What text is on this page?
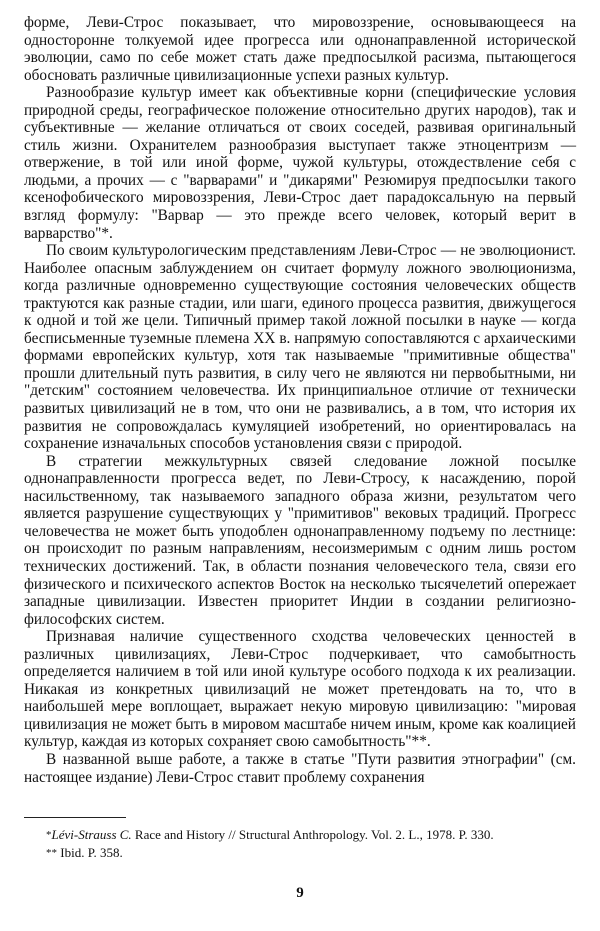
форме, Леви-Строс показывает, что мировоззрение, основывающееся на односторонне толкуемой идее прогресса или однонаправленной исторической эволюции, само по себе может стать даже предпосылкой расизма, пытающегося обосновать различные цивилизационные успехи разных культур.

Разнообразие культур имеет как объективные корни (специфические условия природной среды, географическое положение относительно других народов), так и субъективные — желание отличаться от своих соседей, развивая оригинальный стиль жизни. Охранителем разнообразия выступает также этноцентризм — отвержение, в той или иной форме, чужой культуры, отождествление себя с людьми, а прочих — с "варварами" и "дикарями" Резюмируя предпосылки такого ксенофобического мировоззрения, Леви-Строс дает парадоксальную на первый взгляд формулу: "Варвар — это прежде всего человек, который верит в варварство"*.

По своим культурологическим представлениям Леви-Строс — не эволюционист. Наиболее опасным заблуждением он считает формулу ложного эволюционизма, когда различные одновременно существующие состояния человеческих обществ трактуются как разные стадии, или шаги, единого процесса развития, движущегося к одной и той же цели. Типичный пример такой ложной посылки в науке — когда бесписьменные туземные племена XX в. напрямую сопоставляются с архаическими формами европейских культур, хотя так называемые "примитивные общества" прошли длительный путь развития, в силу чего не являются ни первобытными, ни "детским" состоянием человечества. Их принципиальное отличие от технически развитых цивилизаций не в том, что они не развивались, а в том, что история их развития не сопровождалась кумуляцией изобретений, но ориентировалась на сохранение изначальных способов установления связи с природой.

В стратегии межкультурных связей следование ложной посылке однонаправленности прогресса ведет, по Леви-Стросу, к насаждению, порой насильственному, так называемого западного образа жизни, результатом чего является разрушение существующих у "примитивов" вековых традиций. Прогресс человечества не может быть уподоблен однонаправленному подъему по лестнице: он происходит по разным направлениям, несоизмеримым с одним лишь ростом технических достижений. Так, в области познания человеческого тела, связи его физического и психического аспектов Восток на несколько тысячелетий опережает западные цивилизации. Известен приоритет Индии в создании религиозно-философских систем.

Признавая наличие существенного сходства человеческих ценностей в различных цивилизациях, Леви-Строс подчеркивает, что самобытность определяется наличием в той или иной культуре особого подхода к их реализации. Никакая из конкретных цивилизаций не может претендовать на то, что в наибольшей мере воплощает, выражает некую мировую цивилизацию: "мировая цивилизация не может быть в мировом масштабе ничем иным, кроме как коалицией культур, каждая из которых сохраняет свою самобытность"**.

В названной выше работе, а также в статье "Пути развития этнографии" (см. настоящее издание) Леви-Строс ставит проблему сохранения

*Lévi-Strauss C. Race and History // Structural Anthropology. Vol. 2. L., 1978. P. 330.

** Ibid. P. 358.

9
